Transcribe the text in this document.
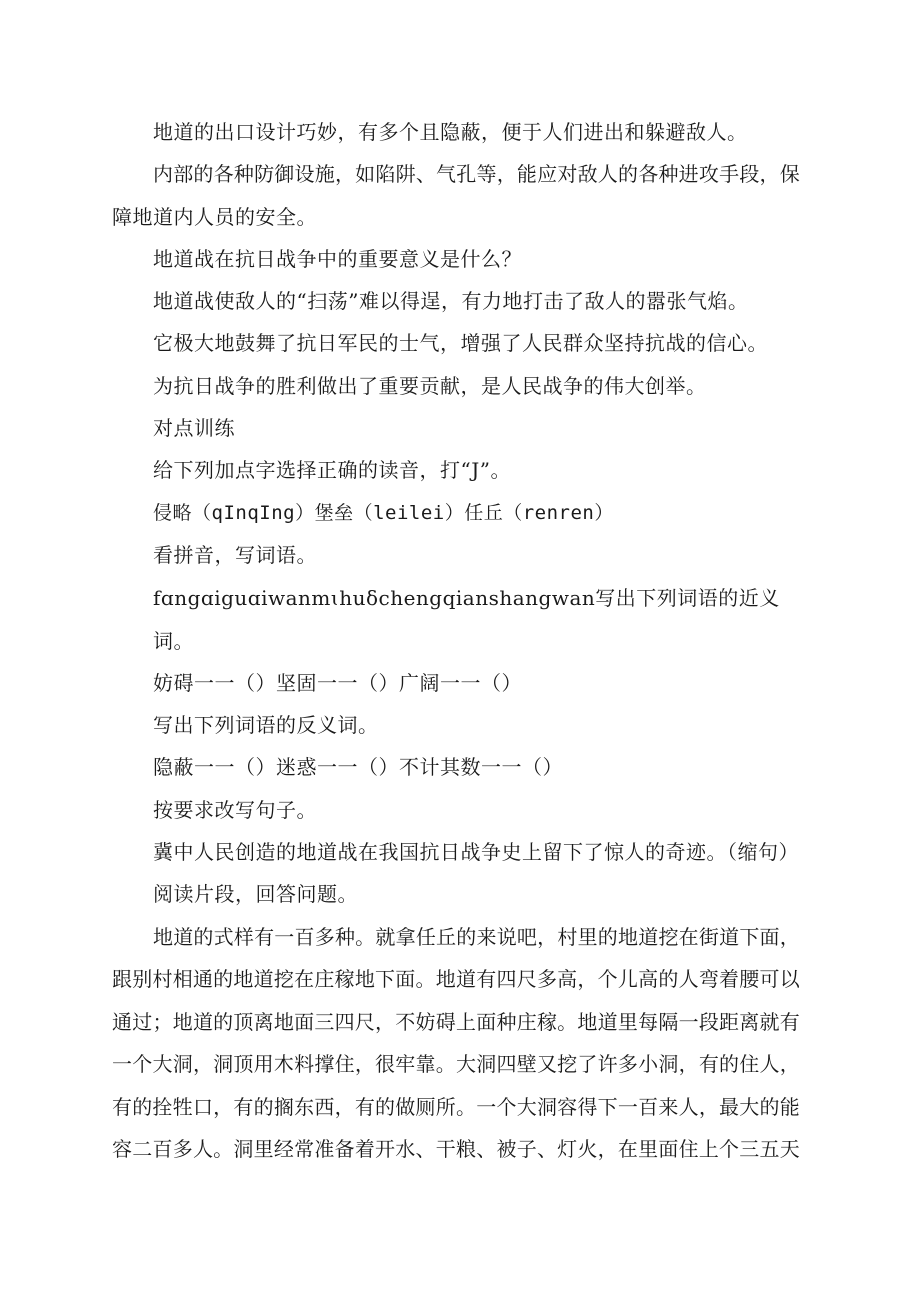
地道的出口设计巧妙，有多个且隐蔽，便于人们进出和躲避敌人。
内部的各种防御设施，如陷阱、气孔等，能应对敌人的各种进攻手段，保
障地道内人员的安全。
地道战在抗日战争中的重要意义是什么？
地道战使敌人的“扫荡”难以得逞，有力地打击了敌人的嚣张气焰。
它极大地鼓舞了抗日军民的士气，增强了人民群众坚持抗战的信心。
为抗日战争的胜利做出了重要贡献，是人民战争的伟大创举。
对点训练
给下列加点字选择正确的读音，打“J”。
侵略（qInqIng）堡垒（leilei）任丘（renren）
看拼音，写词语。
fɑngɑiguɑiwanmɩhuδchengqianshangwan写出下列词语的近义
词。
妨碍一一（）坚固一一（）广阔一一（）
写出下列词语的反义词。
隐蔽一一（）迷惑一一（）不计其数一一（）
按要求改写句子。
冀中人民创造的地道战在我国抗日战争史上留下了惊人的奇迹。（缩句）
阅读片段，回答问题。
地道的式样有一百多种。就拿任丘的来说吧，村里的地道挖在街道下面，
跟别村相通的地道挖在庄稼地下面。地道有四尺多高，个儿高的人弯着腰可以
通过；地道的顶离地面三四尺，不妨碍上面种庄稼。地道里每隔一段距离就有
一个大洞，洞顶用木料撑住，很牢靠。大洞四壁又挖了许多小洞，有的住人，
有的拴牲口，有的搁东西，有的做厕所。一个大洞容得下一百来人，最大的能
容二百多人。洞里经常准备着开水、干粮、被子、灯火，在里面住上个三五天
